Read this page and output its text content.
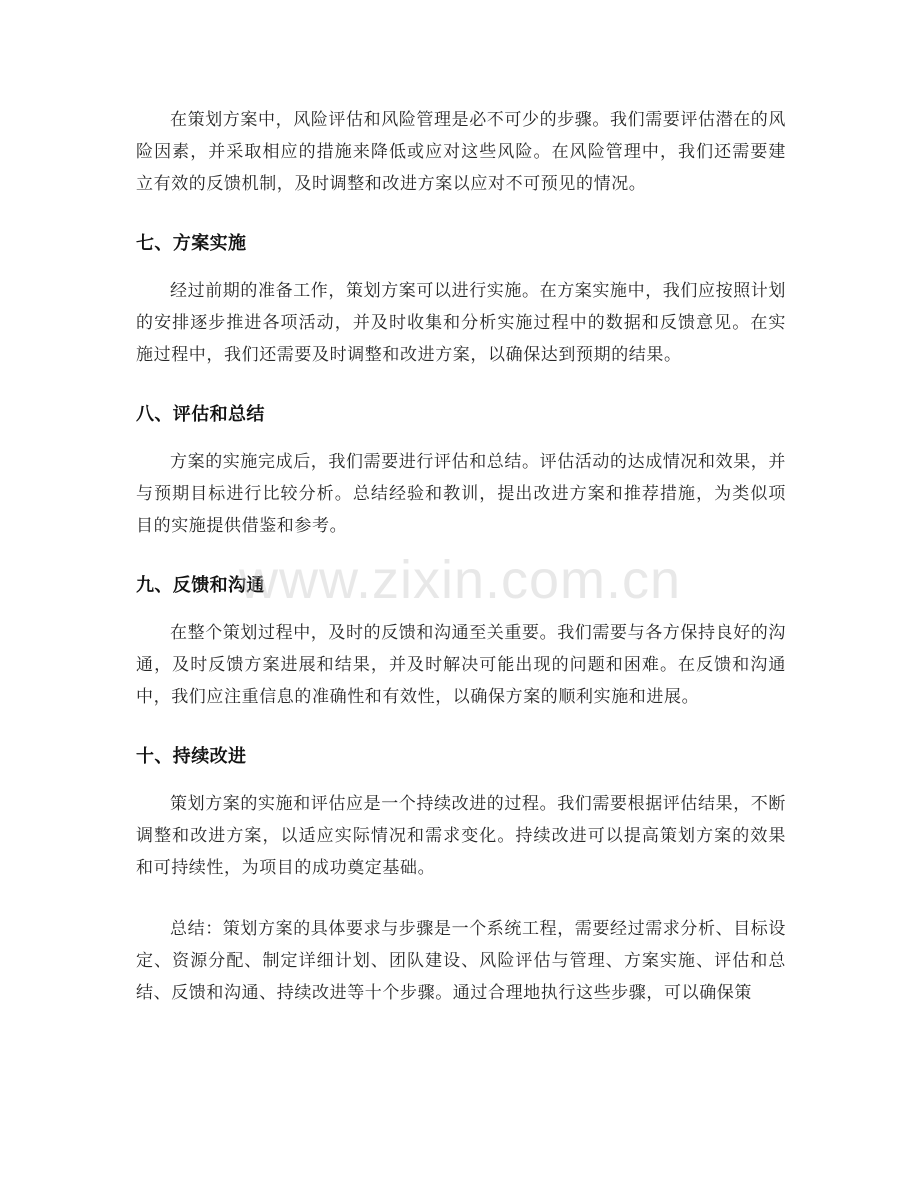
在策划方案中，风险评估和风险管理是必不可少的步骤。我们需要评估潜在的风险因素，并采取相应的措施来降低或应对这些风险。在风险管理中，我们还需要建立有效的反馈机制，及时调整和改进方案以应对不可预见的情况。

七、方案实施

经过前期的准备工作，策划方案可以进行实施。在方案实施中，我们应按照计划的安排逐步推进各项活动，并及时收集和分析实施过程中的数据和反馈意见。在实施过程中，我们还需要及时调整和改进方案，以确保达到预期的结果。

八、评估和总结

方案的实施完成后，我们需要进行评估和总结。评估活动的达成情况和效果，并与预期目标进行比较分析。总结经验和教训，提出改进方案和推荐措施，为类似项目的实施提供借鉴和参考。

九、反馈和沟通

在整个策划过程中，及时的反馈和沟通至关重要。我们需要与各方保持良好的沟通，及时反馈方案进展和结果，并及时解决可能出现的问题和困难。在反馈和沟通中，我们应注重信息的准确性和有效性，以确保方案的顺利实施和进展。

十、持续改进

策划方案的实施和评估应是一个持续改进的过程。我们需要根据评估结果，不断调整和改进方案，以适应实际情况和需求变化。持续改进可以提高策划方案的效果和可持续性，为项目的成功奠定基础。

总结：策划方案的具体要求与步骤是一个系统工程，需要经过需求分析、目标设定、资源分配、制定详细计划、团队建设、风险评估与管理、方案实施、评估和总结、反馈和沟通、持续改进等十个步骤。通过合理地执行这些步骤，可以确保策

www.zixin.com.cn
